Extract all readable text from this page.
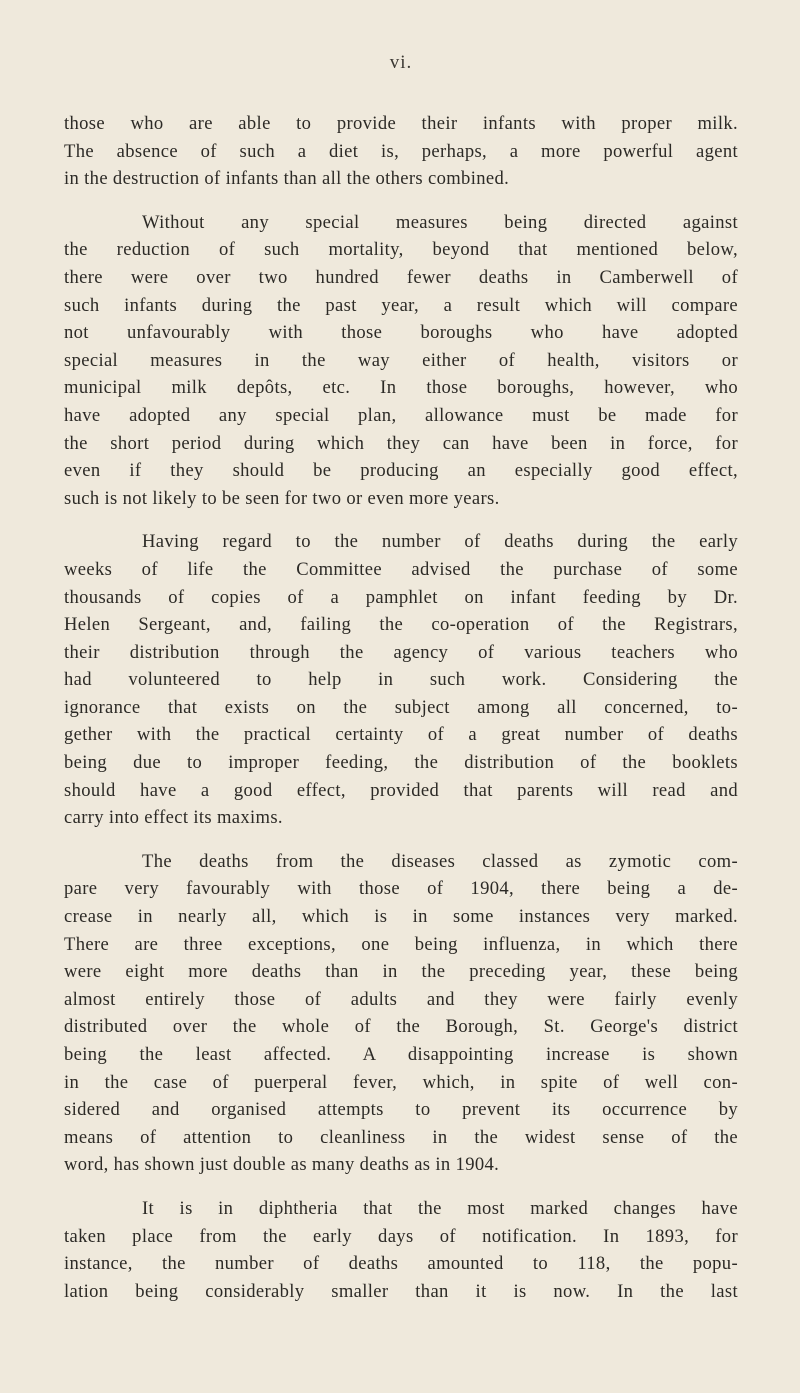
vi.
those who are able to provide their infants with proper milk.
The absence of such a diet is, perhaps, a more powerful agent
in the destruction of infants than all the others combined.
Without any special measures being directed against
the reduction of such mortality, beyond that mentioned below,
there were over two hundred fewer deaths in Camberwell of
such infants during the past year, a result which will compare
not unfavourably with those boroughs who have adopted
special measures in the way either of health, visitors or
municipal milk depôts, etc. In those boroughs, however, who
have adopted any special plan, allowance must be made for
the short period during which they can have been in force, for
even if they should be producing an especially good effect,
such is not likely to be seen for two or even more years.
Having regard to the number of deaths during the early
weeks of life the Committee advised the purchase of some
thousands of copies of a pamphlet on infant feeding by Dr.
Helen Sergeant, and, failing the co-operation of the Registrars,
their distribution through the agency of various teachers who
had volunteered to help in such work. Considering the
ignorance that exists on the subject among all concerned, to-
gether with the practical certainty of a great number of deaths
being due to improper feeding, the distribution of the booklets
should have a good effect, provided that parents will read and
carry into effect its maxims.
The deaths from the diseases classed as zymotic com-
pare very favourably with those of 1904, there being a de-
crease in nearly all, which is in some instances very marked.
There are three exceptions, one being influenza, in which there
were eight more deaths than in the preceding year, these being
almost entirely those of adults and they were fairly evenly
distributed over the whole of the Borough, St. George's district
being the least affected. A disappointing increase is shown
in the case of puerperal fever, which, in spite of well con-
sidered and organised attempts to prevent its occurrence by
means of attention to cleanliness in the widest sense of the
word, has shown just double as many deaths as in 1904.
It is in diphtheria that the most marked changes have
taken place from the early days of notification. In 1893, for
instance, the number of deaths amounted to 118, the popu-
lation being considerably smaller than it is now. In the last
